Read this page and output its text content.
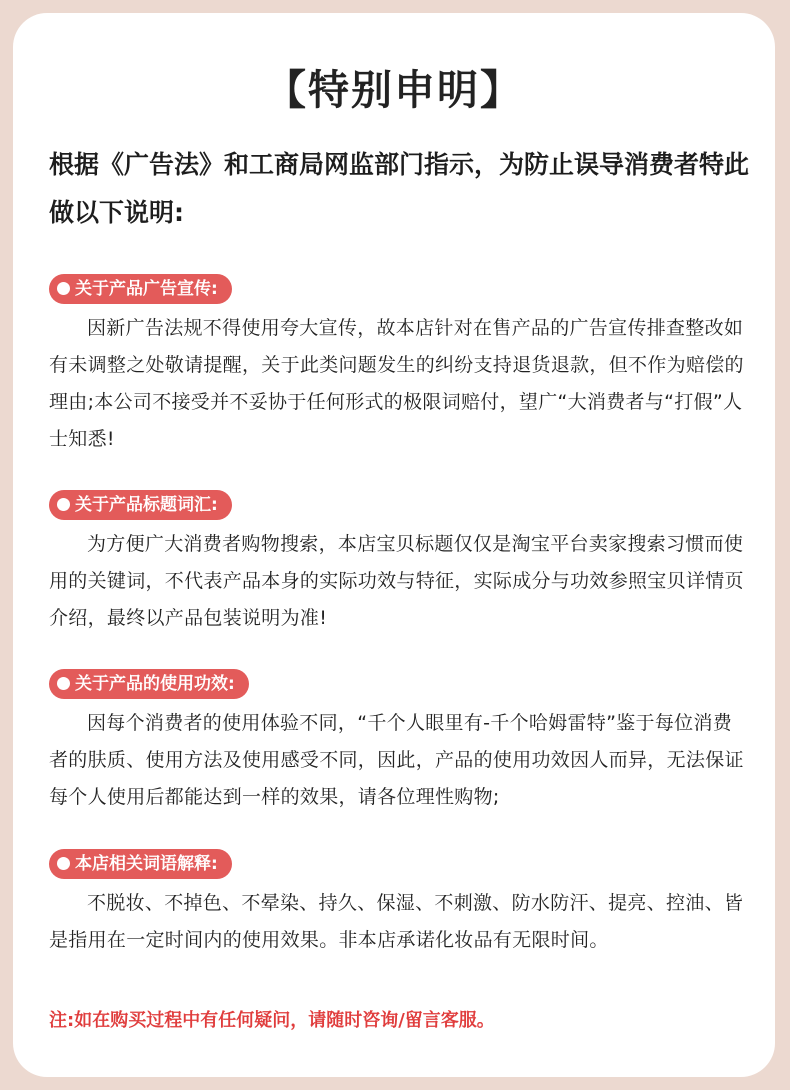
【特别申明】

根据《广告法》和工商局网监部门指示，为防止误导消费者特此做以下说明:

关于产品广告宣传:

因新广告法规不得使用夸大宣传，故本店针对在售产品的广告宣传排查整改如有未调整之处敬请提醒，关于此类问题发生的纠纷支持退货退款，但不作为赔偿的理由;本公司不接受并不妥协于任何形式的极限词赔付，望广“大消费者与“打假”人士知悉!

关于产品标题词汇:

为方便广大消费者购物搜索，本店宝贝标题仅仅是淘宝平台卖家搜索习惯而使用的关键词，不代表产品本身的实际功效与特征，实际成分与功效参照宝贝详情页介绍，最终以产品包装说明为准!

关于产品的使用功效:

因每个消费者的使用体验不同，“千个人眼里有-千个哈姆雷特”鉴于每位消费者的肤质、使用方法及使用感受不同，因此，产品的使用功效因人而异，无法保证每个人使用后都能达到一样的效果，请各位理性购物;

本店相关词语解释:

不脱妆、不掉色、不晕染、持久、保湿、不刺激、防水防汗、提亮、控油、皆是指用在一定时间内的使用效果。非本店承诺化妆品有无限时间。

注:如在购买过程中有任何疑问，请随时咨询/留言客服。
